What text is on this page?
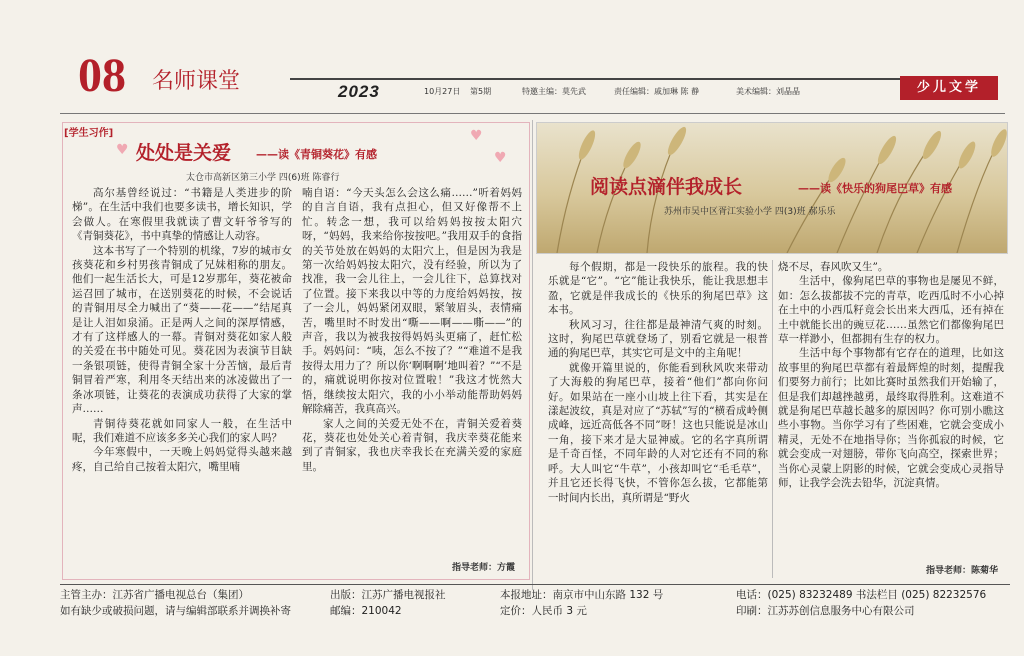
08 名师课堂	2023	10月27日 第5期	特邀主编：莫先武	责任编辑：戚加琳 陈 静	美术编辑：刘晶晶	少儿文学
[学生习作]
♥
♥
♥
处处是关爱 ——读《青铜葵花》有感
太仓市高新区第三小学 四(6)班 陈睿行

高尔基曾经说过：“书籍是人类进步的阶梯”。在生活中我们也要多读书，增长知识，学会做人。在寒假里我就读了曹文轩爷爷写的《青铜葵花》，书中真挚的情感让人动容。

这本书写了一个特别的机缘，7岁的城市女孩葵花和乡村男孩青铜成了兄妹相称的朋友。他们一起生活长大，可是12岁那年，葵花被命运召回了城市，在送别葵花的时候，不会说话的青铜用尽全力喊出了“葵——花——”结尾真是让人泪如泉涌。正是两人之间的深厚情感，才有了这样感人的一幕。青铜对葵花如家人般的关爱在书中随处可见。葵花因为表演节目缺一条银项链，使得青铜全家十分苦恼，最后青铜冒着严寒，利用冬天结出来的冰凌做出了一条冰项链，让葵花的表演成功获得了大家的掌声……

青铜待葵花就如同家人一般，在生活中呢，我们难道不应该多多关心我们的家人吗？

今年寒假中，一天晚上妈妈觉得头越来越疼，自己给自己按着太阳穴，嘴里喃

喃自语：“今天头怎么会这么痛……”听着妈妈的自言自语，我有点担心，但又好像帮不上忙。转念一想，我可以给妈妈按按太阳穴呀，“妈妈，我来给你按按吧。”我用双手的食指的关节处放在妈妈的太阳穴上，但是因为我是第一次给妈妈按太阳穴，没有经验，所以为了找准，我一会儿往上，一会儿往下，总算找对了位置。接下来我以中等的力度给妈妈按，按了一会儿，妈妈紧闭双眼，紧皱眉头，表情痛苦，嘴里时不时发出“嘶——啊——嘶——”的声音，我以为被我按得妈妈头更痛了，赶忙松手。妈妈问：“咦，怎么不按了？”“难道不是我按得太用力了？所以你‘啊啊啊’地叫着？”“不是的，痛就说明你按对位置啦！”我这才恍然大悟，继续按太阳穴，我的小小举动能帮助妈妈解除痛苦，我真高兴。

家人之间的关爱无处不在，青铜关爱着葵花，葵花也处处关心着青铜，我庆幸葵花能来到了青铜家，我也庆幸我长在充满关爱的家庭里。

指导老师：方霞
阅读点滴伴我成长	——读《快乐的狗尾巴草》有感
苏州市吴中区胥江实验小学 四(3)班 郝乐乐

每个假期，都是一段快乐的旅程。我的快乐就是“它”。“它”能让我快乐，能让我思想丰盈，它就是伴我成长的《快乐的狗尾巴草》这本书。

秋风习习，往往都是最神清气爽的时刻。这时，狗尾巴草就登场了，别看它就是一根普通的狗尾巴草，其实它可是文中的主角呢！

就像开篇里说的，你能看到秋风吹来带动了大海般的狗尾巴草，接着“他们”都向你问好。如果站在一座小山坡上往下看，其实是在漾起波纹，真是对应了“苏轼”写的“横看成岭侧成峰，远近高低各不同”呀！这也只能说是冰山一角，接下来才是大显神威。它的名字真所谓是千奇百怪，不同年龄的人对它还有不同的称呼。大人叫它“牛草”，小孩却叫它“毛毛草”，并且它还长得飞快，不管你怎么拔，它都能第一时间内长出，真所谓是“野火

烧不尽，春风吹又生”。

生活中，像狗尾巴草的事物也是屡见不鲜，如：怎么拔都拔不完的青草，吃西瓜时不小心掉在土中的小西瓜籽竟会长出来大西瓜，还有掉在土中就能长出的豌豆花……虽然它们都像狗尾巴草一样渺小，但都拥有生存的权力。

生活中每个事物都有它存在的道理，比如这故事里的狗尾巴草都有着最辉煌的时刻，提醒我们要努力前行；比如比赛时虽然我们开始输了，但是我们却越挫越勇，最终取得胜利。这难道不就是狗尾巴草越长越多的原因吗？你可别小瞧这些小事物。当你学习有了些困难，它就会变成小精灵，无处不在地指导你；当你孤寂的时候，它就会变成一对翅膀，带你飞向高空，探索世界；当你心灵蒙上阴影的时候，它就会变成心灵指导师，让我学会洗去铅华，沉淀真情。

指导老师：陈菊华
主管主办：江苏省广播电视总台（集团）	出版：江苏广播电视报社	本报地址：南京市中山东路 132 号	电话：(025) 83232489 书法栏目 (025) 82232576
如有缺少或破损问题，请与编辑部联系并调换补寄	邮编：210042	定价：人民币 3 元	印刷：江苏苏创信息服务中心有限公司
